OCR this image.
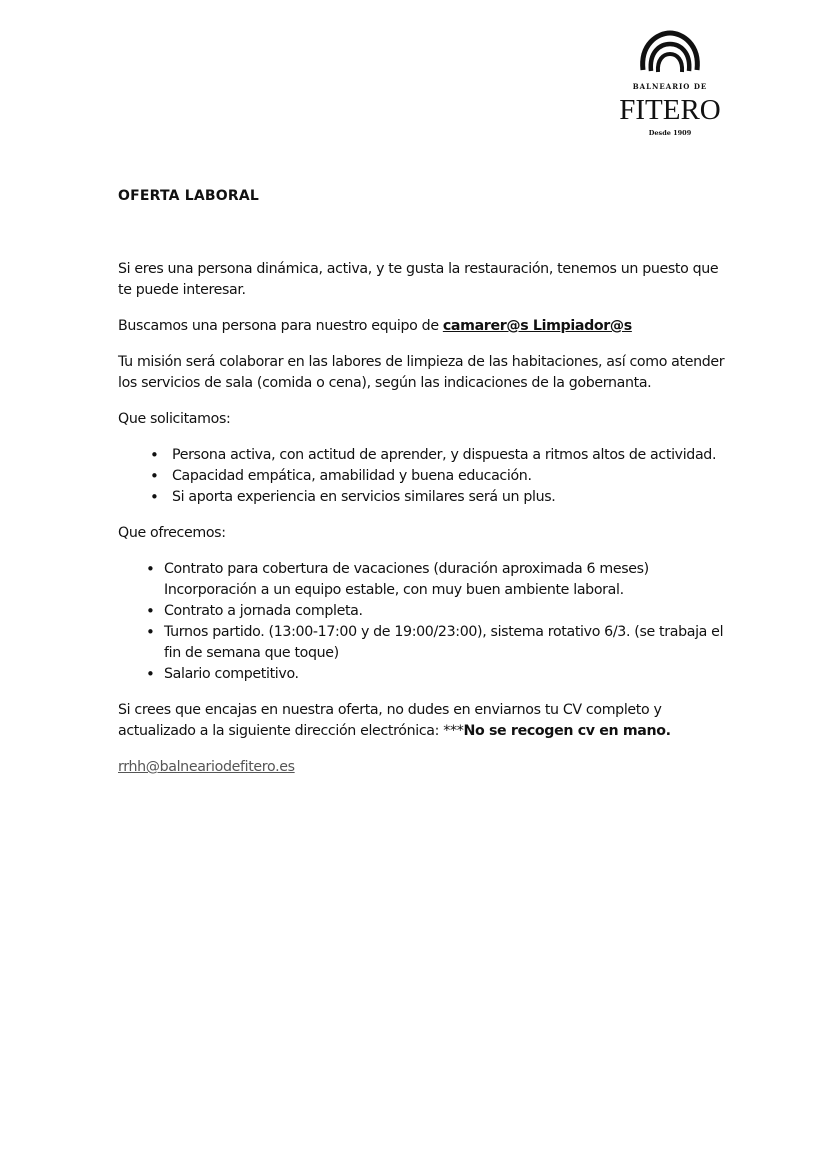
BALNEARIO DE
FITERO
Desde 1909
OFERTA LABORAL

Si eres una persona dinámica, activa, y te gusta la restauración, tenemos un puesto que te puede interesar.

Buscamos una persona para nuestro equipo de camarer@s Limpiador@s

Tu misión será colaborar en las labores de limpieza de las habitaciones, así como atender los servicios de sala (comida o cena), según las indicaciones de la gobernanta.

Que solicitamos:

• Persona activa, con actitud de aprender, y dispuesta a ritmos altos de actividad.
• Capacidad empática, amabilidad y buena educación.
• Si aporta experiencia en servicios similares será un plus.

Que ofrecemos:

• Contrato para cobertura de vacaciones (duración aproximada 6 meses) Incorporación a un equipo estable, con muy buen ambiente laboral.
• Contrato a jornada completa.
• Turnos partido. (13:00-17:00 y de 19:00/23:00), sistema rotativo 6/3. (se trabaja el fin de semana que toque)
• Salario competitivo.

Si crees que encajas en nuestra oferta, no dudes en enviarnos tu CV completo y actualizado a la siguiente dirección electrónica: ***No se recogen cv en mano.

rrhh@balneariodefitero.es
